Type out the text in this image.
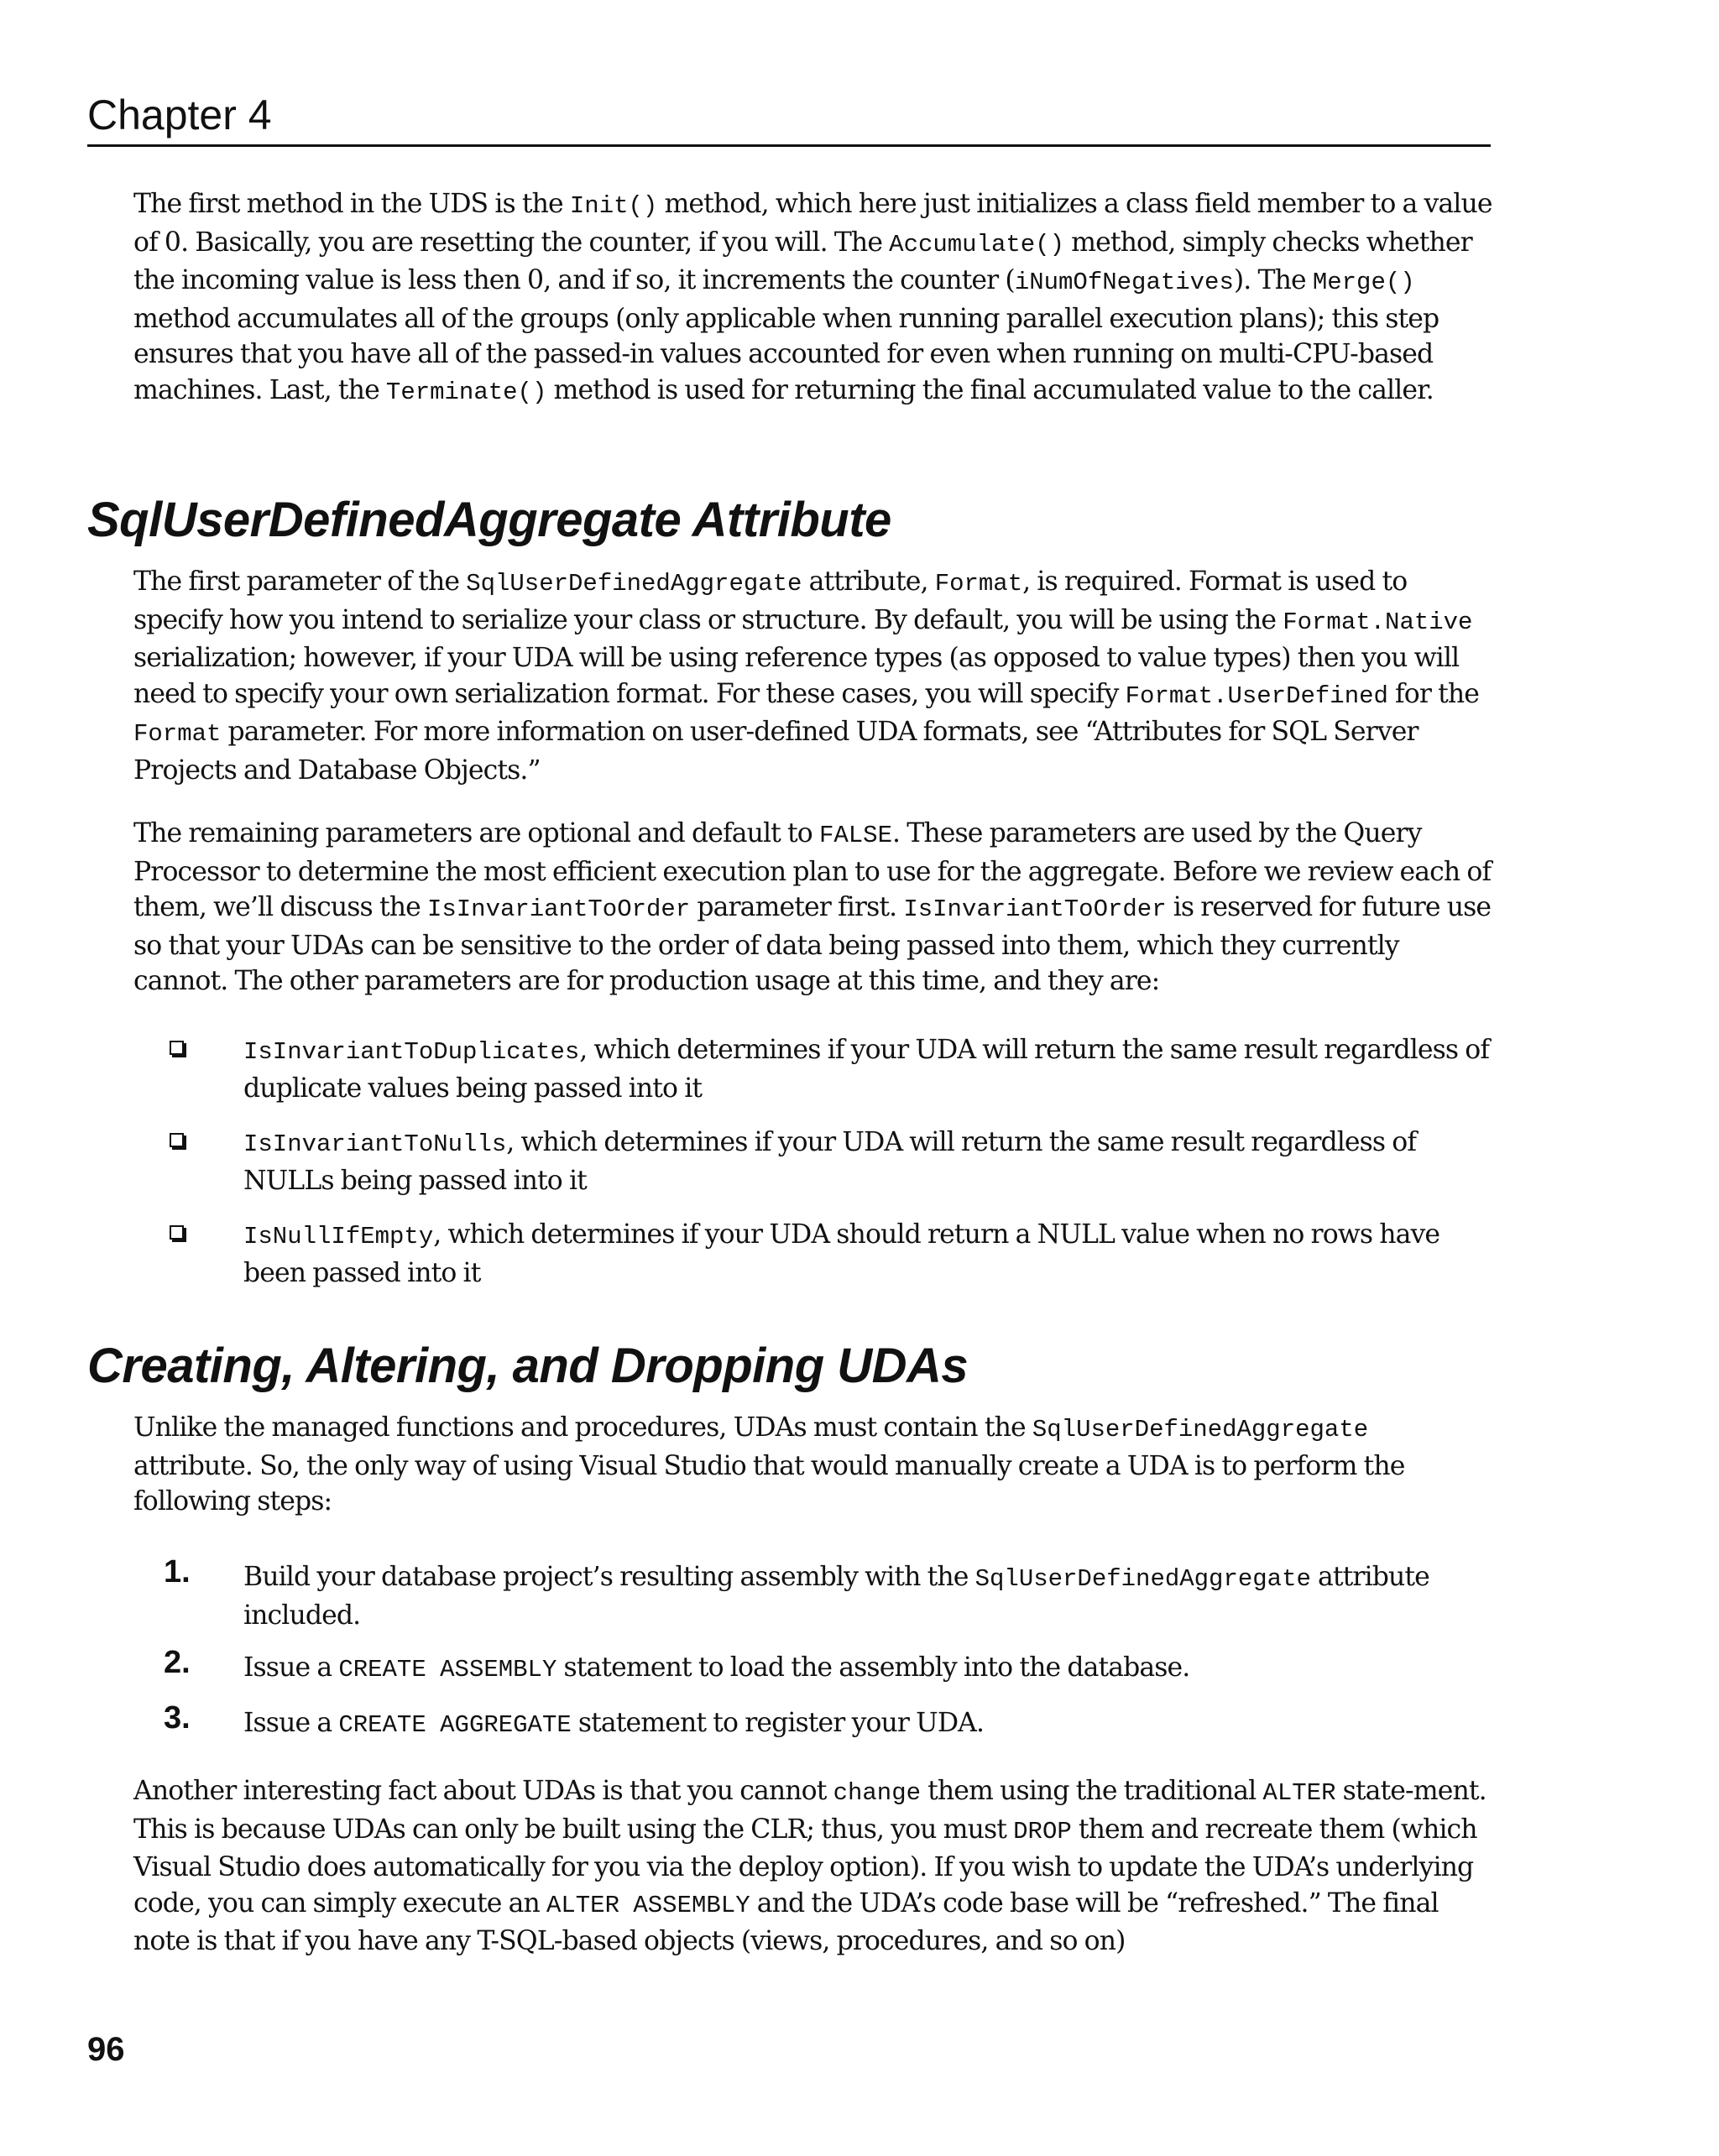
Chapter 4

The first method in the UDS is the Init() method, which here just initializes a class field member to a value of 0. Basically, you are resetting the counter, if you will. The Accumulate() method, simply checks whether the incoming value is less then 0, and if so, it increments the counter (iNumOfNegatives). The Merge() method accumulates all of the groups (only applicable when running parallel execution plans); this step ensures that you have all of the passed-in values accounted for even when running on multi-CPU-based machines. Last, the Terminate() method is used for returning the final accumulated value to the caller.

SqlUserDefinedAggregate Attribute

The first parameter of the SqlUserDefinedAggregate attribute, Format, is required. Format is used to specify how you intend to serialize your class or structure. By default, you will be using the Format.Native serialization; however, if your UDA will be using reference types (as opposed to value types) then you will need to specify your own serialization format. For these cases, you will specify Format.UserDefined for the Format parameter. For more information on user-defined UDA formats, see “Attributes for SQL Server Projects and Database Objects.”

The remaining parameters are optional and default to FALSE. These parameters are used by the Query Processor to determine the most efficient execution plan to use for the aggregate. Before we review each of them, we’ll discuss the IsInvariantToOrder parameter first. IsInvariantToOrder is reserved for future use so that your UDAs can be sensitive to the order of data being passed into them, which they currently cannot. The other parameters are for production usage at this time, and they are:

IsInvariantToDuplicates, which determines if your UDA will return the same result regardless of duplicate values being passed into it
IsInvariantToNulls, which determines if your UDA will return the same result regardless of NULLs being passed into it
IsNullIfEmpty, which determines if your UDA should return a NULL value when no rows have been passed into it
Creating, Altering, and Dropping UDAs

Unlike the managed functions and procedures, UDAs must contain the SqlUserDefinedAggregate attribute. So, the only way of using Visual Studio that would manually create a UDA is to perform the following steps:

1. Build your database project’s resulting assembly with the SqlUserDefinedAggregate attribute included.
2. Issue a CREATE ASSEMBLY statement to load the assembly into the database.
3. Issue a CREATE AGGREGATE statement to register your UDA.

Another interesting fact about UDAs is that you cannot change them using the traditional ALTER state-ment. This is because UDAs can only be built using the CLR; thus, you must DROP them and recreate them (which Visual Studio does automatically for you via the deploy option). If you wish to update the UDA’s underlying code, you can simply execute an ALTER ASSEMBLY and the UDA’s code base will be “refreshed.” The final note is that if you have any T-SQL-based objects (views, procedures, and so on)

96
